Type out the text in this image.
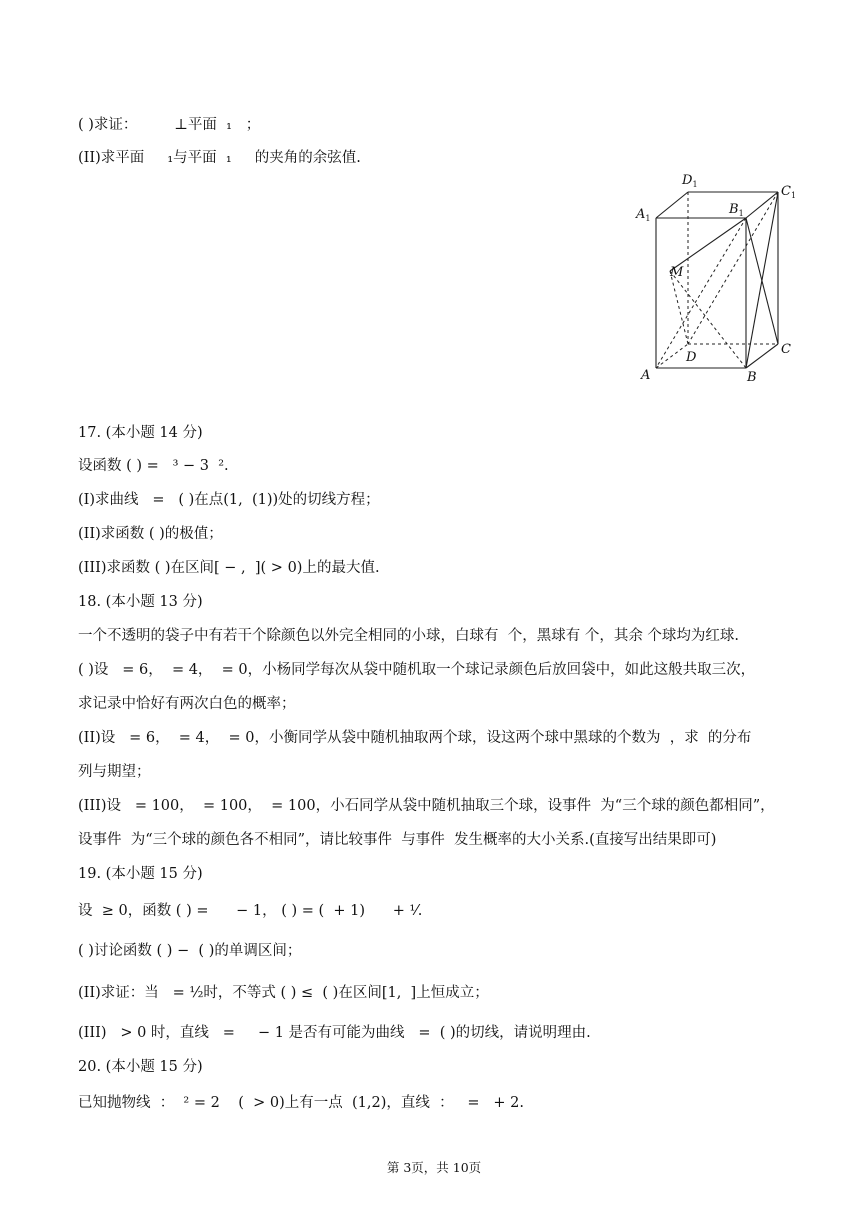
( )求证：        ⊥平面  ₁   ；
(II)求平面     ₁与平面  ₁     的夹角的余弦值.
17. (本小题 14 分)
设函数 ( ) =   ³ − 3  ².
(I)求曲线   =   ( )在点(1,  (1))处的切线方程；
(II)求函数 ( )的极值；
(III)求函数 ( )在区间[ − ,  ]( > 0)上的最大值.
18. (本小题 13 分)
一个不透明的袋子中有若干个除颜色以外完全相同的小球，白球有  个，黑球有 个，其余 个球均为红球.
( )设   = 6，  = 4，  = 0，小杨同学每次从袋中随机取一个球记录颜色后放回袋中，如此这般共取三次，
求记录中恰好有两次白色的概率；
(II)设   = 6，  = 4，  = 0，小衡同学从袋中随机抽取两个球，设这两个球中黑球的个数为  ，求  的分布
列与期望；
(III)设   = 100，  = 100，  = 100，小石同学从袋中随机抽取三个球，设事件  为“三个球的颜色都相同”，
设事件  为“三个球的颜色各不相同”，请比较事件  与事件  发生概率的大小关系.(直接写出结果即可)
19. (本小题 15 分)
设  ≥ 0，函数 ( ) =      − 1， ( ) = (  + 1)      + ¹⁄.
( )讨论函数 ( ) −  ( )的单调区间；
(II)求证：当   = ½时，不等式 ( ) ≤  ( )在区间[1,  ]上恒成立；
(III)   > 0 时，直线   =     − 1 是否有可能为曲线   =  ( )的切线，请说明理由.
20. (本小题 15 分)
已知抛物线  ：  ² = 2    (  > 0)上有一点  (1,2)，直线  ：   =   + 2.
$A_1$
$D_1$
$B_1$
$C_1$
M
D
C
A	B
第 3页，共 10页
